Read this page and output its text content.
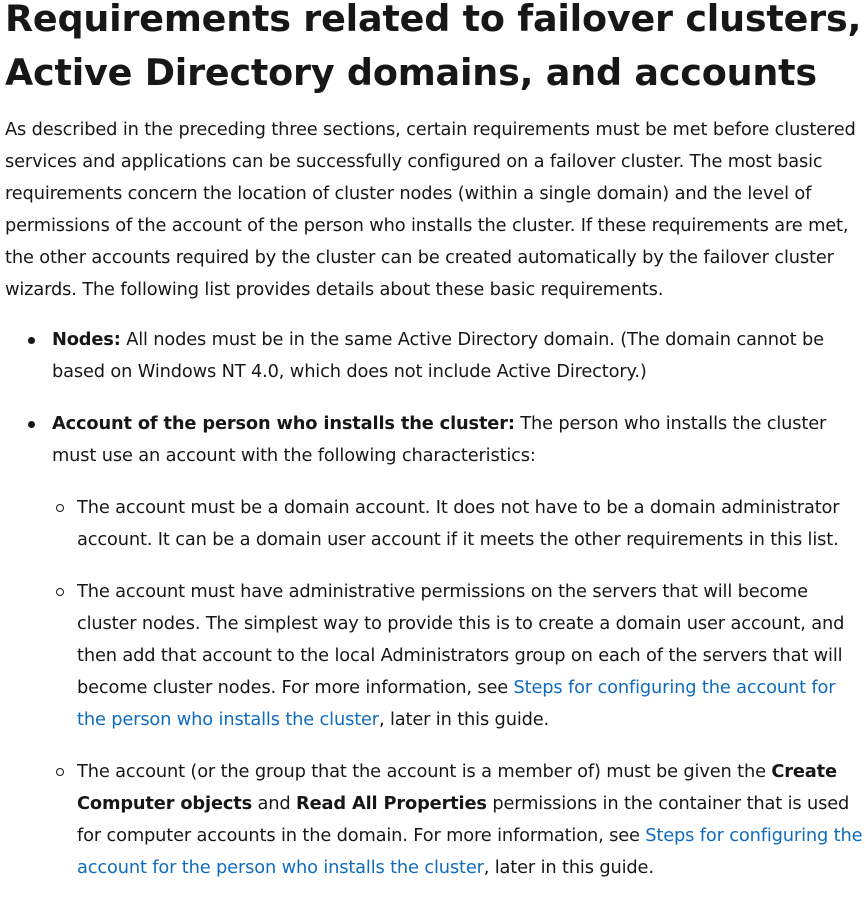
Requirements related to failover clusters, Active Directory domains, and accounts

As described in the preceding three sections, certain requirements must be met before clustered services and applications can be successfully configured on a failover cluster. The most basic requirements concern the location of cluster nodes (within a single domain) and the level of permissions of the account of the person who installs the cluster. If these requirements are met, the other accounts required by the cluster can be created automatically by the failover cluster wizards. The following list provides details about these basic requirements.

Nodes: All nodes must be in the same Active Directory domain. (The domain cannot be based on Windows NT 4.0, which does not include Active Directory.)
Account of the person who installs the cluster: The person who installs the cluster must use an account with the following characteristics:
The account must be a domain account. It does not have to be a domain administrator account. It can be a domain user account if it meets the other requirements in this list.
The account must have administrative permissions on the servers that will become cluster nodes. The simplest way to provide this is to create a domain user account, and then add that account to the local Administrators group on each of the servers that will become cluster nodes. For more information, see Steps for configuring the account for the person who installs the cluster, later in this guide.
The account (or the group that the account is a member of) must be given the Create Computer objects and Read All Properties permissions in the container that is used for computer accounts in the domain. For more information, see Steps for configuring the account for the person who installs the cluster, later in this guide.
